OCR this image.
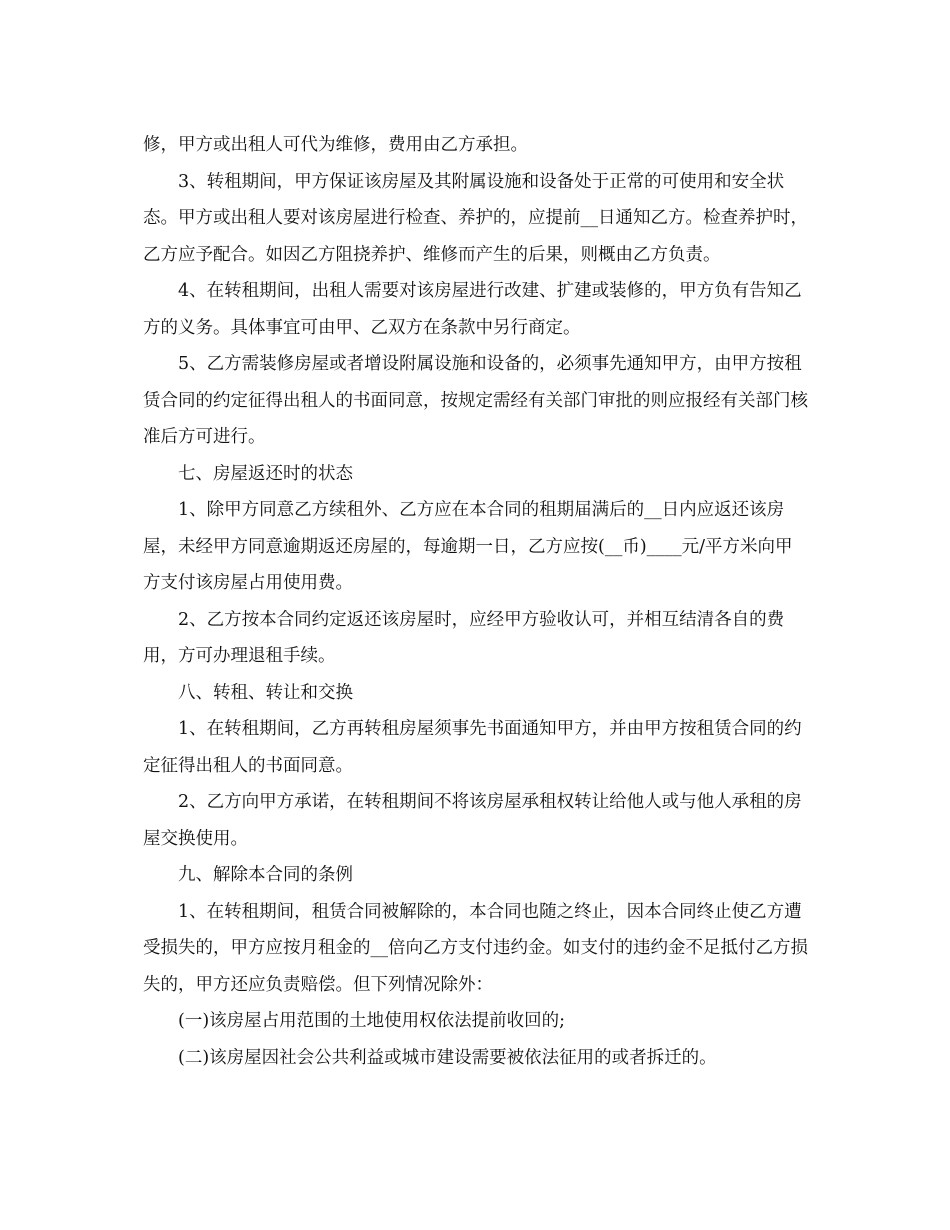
修，甲方或出租人可代为维修，费用由乙方承担。

3、转租期间，甲方保证该房屋及其附属设施和设备处于正常的可使用和安全状态。甲方或出租人要对该房屋进行检查、养护的，应提前__日通知乙方。检查养护时，乙方应予配合。如因乙方阻挠养护、维修而产生的后果，则概由乙方负责。

4、在转租期间，出租人需要对该房屋进行改建、扩建或装修的，甲方负有告知乙方的义务。具体事宜可由甲、乙双方在条款中另行商定。

5、乙方需装修房屋或者增设附属设施和设备的，必须事先通知甲方，由甲方按租赁合同的约定征得出租人的书面同意，按规定需经有关部门审批的则应报经有关部门核准后方可进行。

七、房屋返还时的状态

1、除甲方同意乙方续租外、乙方应在本合同的租期届满后的__日内应返还该房屋，未经甲方同意逾期返还房屋的，每逾期一日，乙方应按(__币)____元/平方米向甲方支付该房屋占用使用费。

2、乙方按本合同约定返还该房屋时，应经甲方验收认可，并相互结清各自的费用，方可办理退租手续。

八、转租、转让和交换

1、在转租期间，乙方再转租房屋须事先书面通知甲方，并由甲方按租赁合同的约定征得出租人的书面同意。

2、乙方向甲方承诺，在转租期间不将该房屋承租权转让给他人或与他人承租的房屋交换使用。

九、解除本合同的条例

1、在转租期间，租赁合同被解除的，本合同也随之终止，因本合同终止使乙方遭受损失的，甲方应按月租金的__倍向乙方支付违约金。如支付的违约金不足抵付乙方损失的，甲方还应负责赔偿。但下列情况除外：

(一)该房屋占用范围的土地使用权依法提前收回的;

(二)该房屋因社会公共利益或城市建设需要被依法征用的或者拆迁的。
